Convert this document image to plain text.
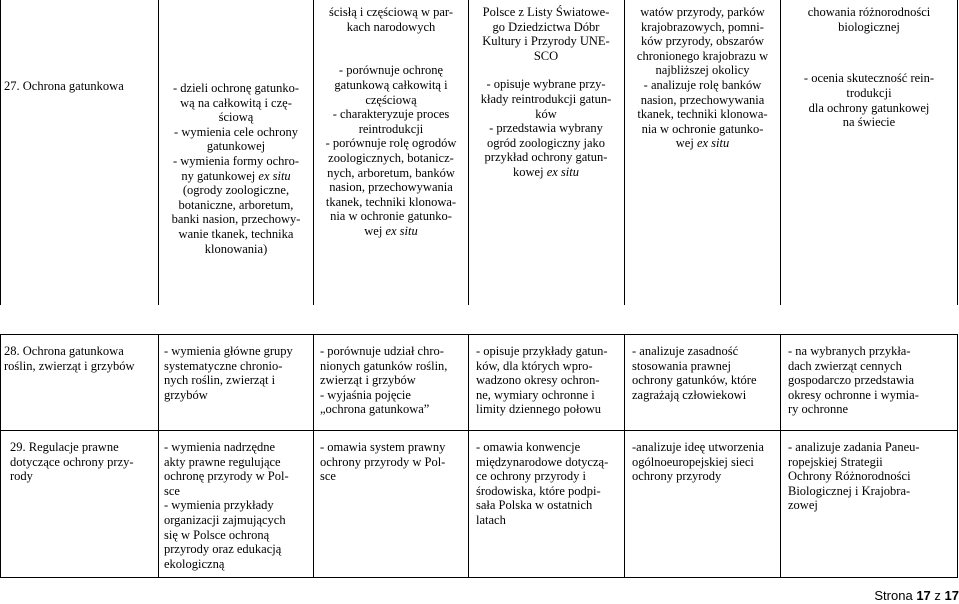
27. Ochrona gatunkowa	- dzieli ochronę gatunko-
wą na całkowitą i czę-
ściową
- wymienia cele ochrony
gatunkowej
- wymienia formy ochro-
ny gatunkowej ex situ
(ogrody zoologiczne,
botaniczne, arboretum,
banki nasion, przechowy-
wanie tkanek, technika
klonowania)
ścisłą i częściową w par-
kach narodowych

- porównuje ochronę
gatunkową całkowitą i
częściową
- charakteryzuje proces
reintrodukcji
- porównuje rolę ogrodów
zoologicznych, botanicz-
nych, arboretum, banków
nasion, przechowywania
tkanek, techniki klonowa-
nia w ochronie gatunko-
wej ex situ
Polsce z Listy Światowe-
go Dziedzictwa Dóbr
Kultury i Przyrody UNE-
SCO
- opisuje wybrane przy-
kłady reintrodukcji gatun-
ków
- przedstawia wybrany
ogród zoologiczny jako
przykład ochrony gatun-
kowej ex situ
watów przyrody, parków
krajobrazowych, pomni-
ków przyrody, obszarów
chronionego krajobrazu w
najbliższej okolicy
- analizuje rolę banków
nasion, przechowywania
tkanek, techniki klonowa-
nia w ochronie gatunko-
wej ex situ
chowania różnorodności
biologicznej

- ocenia skuteczność rein-
trodukcji
dla ochrony gatunkowej
na świecie
28. Ochrona gatunkowa
roślin, zwierząt i grzybów
- wymienia główne grupy
systematyczne chronio-
nych roślin, zwierząt i
grzybów
- porównuje udział chro-
nionych gatunków roślin,
zwierząt i grzybów
- wyjaśnia pojęcie
„ochrona gatunkowa”
- opisuje przykłady gatun-
ków, dla których wpro-
wadzono okresy ochron-
ne, wymiary ochronne i
limity dziennego połowu
- analizuje zasadność
stosowania prawnej
ochrony gatunków, które
zagrażają człowiekowi
- na wybranych przykła-
dach zwierząt cennych
gospodarczo przedstawia
okresy ochronne i wymia-
ry ochronne
29. Regulacje prawne
dotyczące ochrony przy-
rody
- wymienia nadrzędne
akty prawne regulujące
ochronę przyrody w Pol-
sce
- wymienia przykłady
organizacji zajmujących
się w Polsce ochroną
przyrody oraz edukacją
ekologiczną
- omawia system prawny
ochrony przyrody w Pol-
sce
- omawia konwencje
międzynarodowe dotyczą-
ce ochrony przyrody i
środowiska, które podpi-
sała Polska w ostatnich
latach
-analizuje ideę utworzenia
ogólnoeuropejskiej sieci
ochrony przyrody
- analizuje zadania Paneu-
ropejskiej Strategii
Ochrony Różnorodności
Biologicznej i Krajobra-
zowej
Strona 17 z 17
